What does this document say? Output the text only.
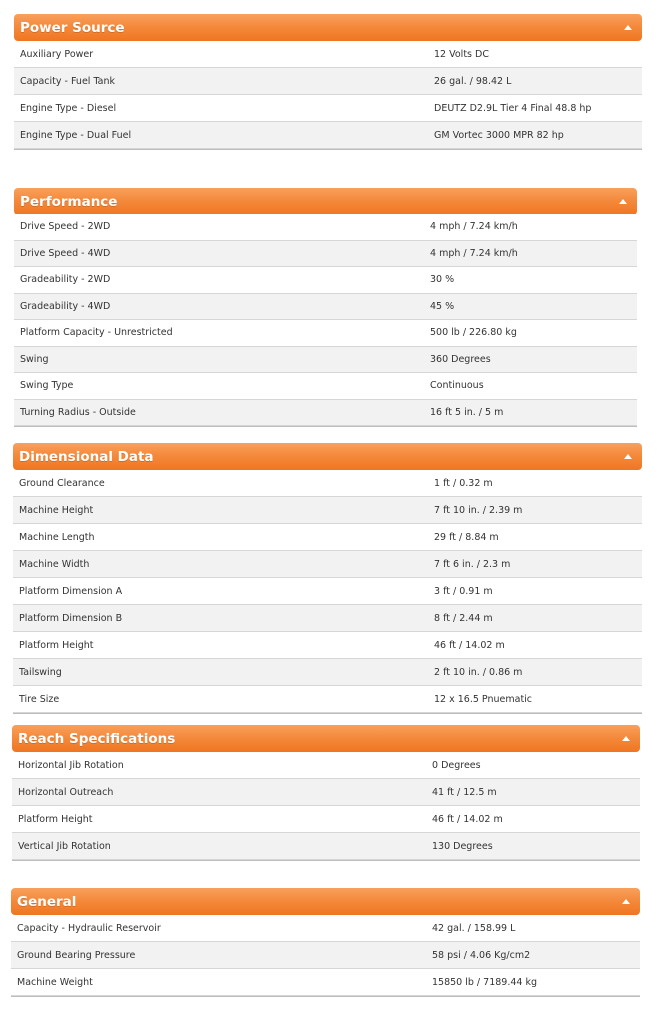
Power Source
Auxiliary Power	12 Volts DC
Capacity - Fuel Tank	26 gal. / 98.42 L
Engine Type - Diesel	DEUTZ D2.9L Tier 4 Final 48.8 hp
Engine Type - Dual Fuel	GM Vortec 3000 MPR 82 hp
Performance
Drive Speed - 2WD	4 mph / 7.24 km/h
Drive Speed - 4WD	4 mph / 7.24 km/h
Gradeability - 2WD	30 %
Gradeability - 4WD	45 %
Platform Capacity - Unrestricted	500 lb / 226.80 kg
Swing	360 Degrees
Swing Type	Continuous
Turning Radius - Outside	16 ft 5 in. / 5 m
Dimensional Data
Ground Clearance	1 ft / 0.32 m
Machine Height	7 ft 10 in. / 2.39 m
Machine Length	29 ft / 8.84 m
Machine Width	7 ft 6 in. / 2.3 m
Platform Dimension A	3 ft / 0.91 m
Platform Dimension B	8 ft / 2.44 m
Platform Height	46 ft / 14.02 m
Tailswing	2 ft 10 in. / 0.86 m
Tire Size	12 x 16.5 Pnuematic
Reach Specifications
Horizontal Jib Rotation	0 Degrees
Horizontal Outreach	41 ft / 12.5 m
Platform Height	46 ft / 14.02 m
Vertical Jib Rotation	130 Degrees
General
Capacity - Hydraulic Reservoir	42 gal. / 158.99 L
Ground Bearing Pressure	58 psi / 4.06 Kg/cm2
Machine Weight	15850 lb / 7189.44 kg
